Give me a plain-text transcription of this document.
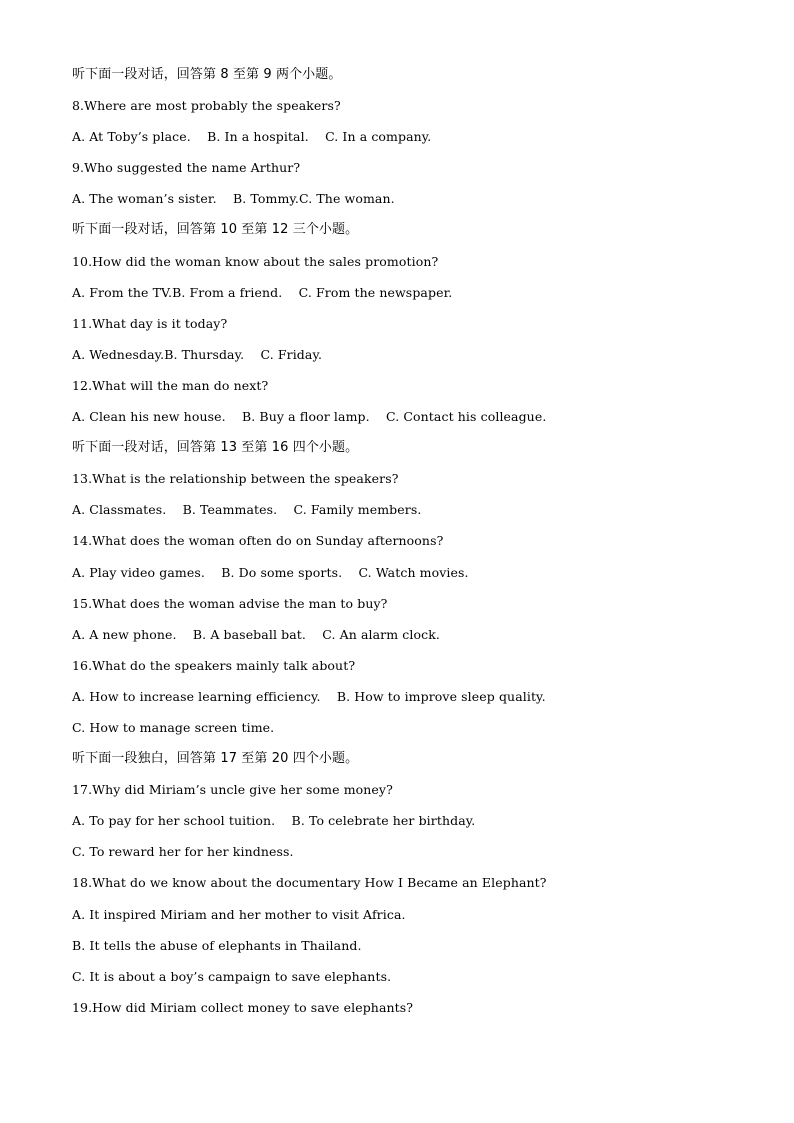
听下面一段对话，回答第 8 至第 9 两个小题。
8.Where are most probably the speakers?
A. At Toby’s place.    B. In a hospital.    C. In a company.
9.Who suggested the name Arthur?
A. The woman’s sister.    B. Tommy.C. The woman.
听下面一段对话，回答第 10 至第 12 三个小题。
10.How did the woman know about the sales promotion?
A. From the TV.B. From a friend.    C. From the newspaper.
11.What day is it today?
A. Wednesday.B. Thursday.    C. Friday.
12.What will the man do next?
A. Clean his new house.    B. Buy a floor lamp.    C. Contact his colleague.
听下面一段对话，回答第 13 至第 16 四个小题。
13.What is the relationship between the speakers?
A. Classmates.    B. Teammates.    C. Family members.
14.What does the woman often do on Sunday afternoons?
A. Play video games.    B. Do some sports.    C. Watch movies.
15.What does the woman advise the man to buy?
A. A new phone.    B. A baseball bat.    C. An alarm clock.
16.What do the speakers mainly talk about?
A. How to increase learning efficiency.    B. How to improve sleep quality.
C. How to manage screen time.
听下面一段独白，回答第 17 至第 20 四个小题。
17.Why did Miriam’s uncle give her some money?
A. To pay for her school tuition.    B. To celebrate her birthday.
C. To reward her for her kindness.
18.What do we know about the documentary How I Became an Elephant?
A. It inspired Miriam and her mother to visit Africa.
B. It tells the abuse of elephants in Thailand.
C. It is about a boy’s campaign to save elephants.
19.How did Miriam collect money to save elephants?
